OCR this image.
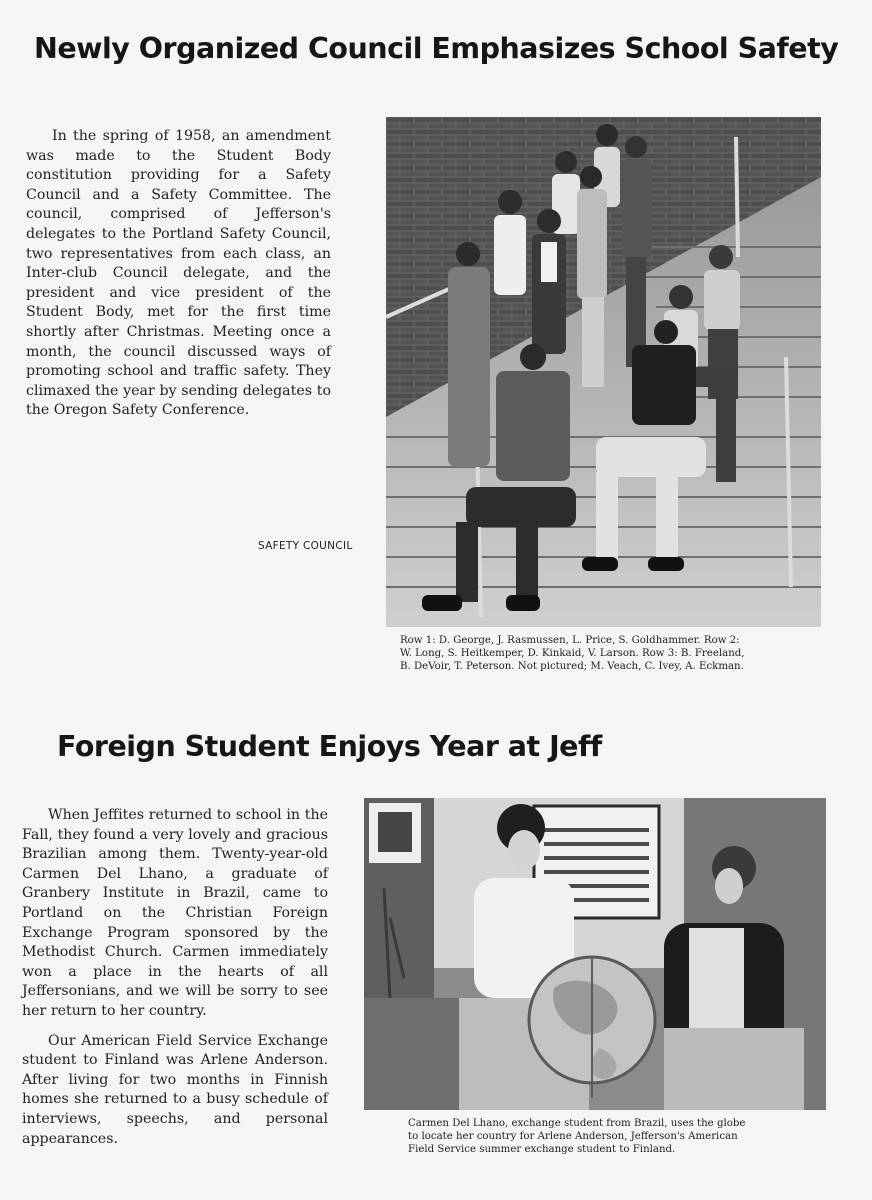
Newly Organized Council Emphasizes School Safety

In the spring of 1958, an amendment was made to the Student Body constitution providing for a Safety Council and a Safety Committee. The council, comprised of Jefferson's delegates to the Portland Safety Council, two representatives from each class, an Inter-club Council delegate, and the president and vice president of the Student Body, met for the first time shortly after Christmas. Meeting once a month, the council discussed ways of promoting school and traffic safety. They climaxed the year by sending delegates to the Oregon Safety Conference.

SAFETY COUNCIL
Row 1: D. George, J. Rasmussen, L. Price, S. Goldhammer. Row 2:
W. Long, S. Heitkemper, D. Kinkaid, V. Larson. Row 3: B. Freeland,
B. DeVoir, T. Peterson. Not pictured; M. Veach, C. Ivey, A. Eckman.
Foreign Student Enjoys Year at Jeff

When Jeffites returned to school in the Fall, they found a very lovely and gracious Brazilian among them. Twenty-year-old Carmen Del Lhano, a graduate of Granbery Institute in Brazil, came to Portland on the Christian Foreign Exchange Program sponsored by the Methodist Church. Carmen immediately won a place in the hearts of all Jeffersonians, and we will be sorry to see her return to her country.

Our American Field Service Exchange student to Finland was Arlene Anderson. After living for two months in Finnish homes she returned to a busy schedule of interviews, speechs, and personal appearances.

Carmen Del Lhano, exchange student from Brazil, uses the globe
to locate her country for Arlene Anderson, Jefferson's American
Field Service summer exchange student to Finland.
